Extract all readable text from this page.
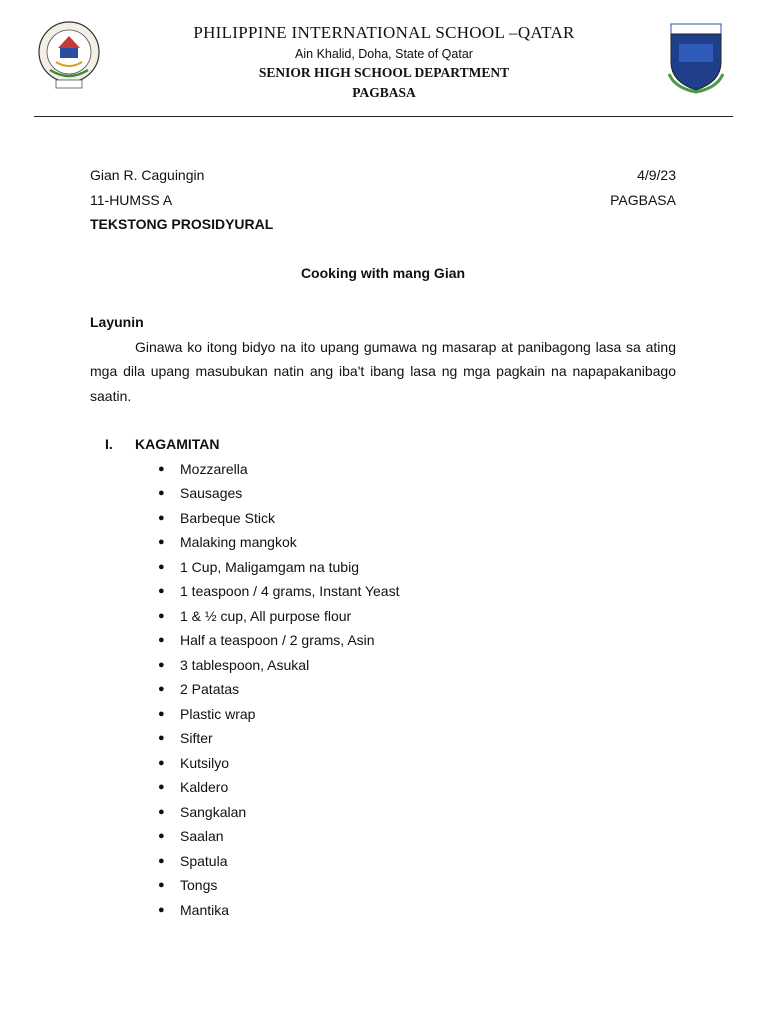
PHILIPPINE INTERNATIONAL SCHOOL –QATAR
Ain Khalid, Doha, State of Qatar
SENIOR HIGH SCHOOL DEPARTMENT
PAGBASA
Gian R. Caguingin	4/9/23
11-HUMSS A	PAGBASA
TEKSTONG PROSIDYURAL
Cooking with mang Gian
Layunin
Ginawa ko itong bidyo na ito upang gumawa ng masarap at panibagong lasa sa ating mga dila upang masubukan natin ang iba't ibang lasa ng mga pagkain na napapakanibago saatin.
I.	KAGAMITAN
● Mozzarella
● Sausages
● Barbeque Stick
● Malaking mangkok
● 1 Cup, Maligamgam na tubig
● 1 teaspoon / 4 grams, Instant Yeast
● 1 & ½ cup, All purpose flour
● Half a teaspoon / 2 grams, Asin
● 3 tablespoon, Asukal
● 2 Patatas
● Plastic wrap
● Sifter
● Kutsilyo
● Kaldero
● Sangkalan
● Saalan
● Spatula
● Tongs
● Mantika
